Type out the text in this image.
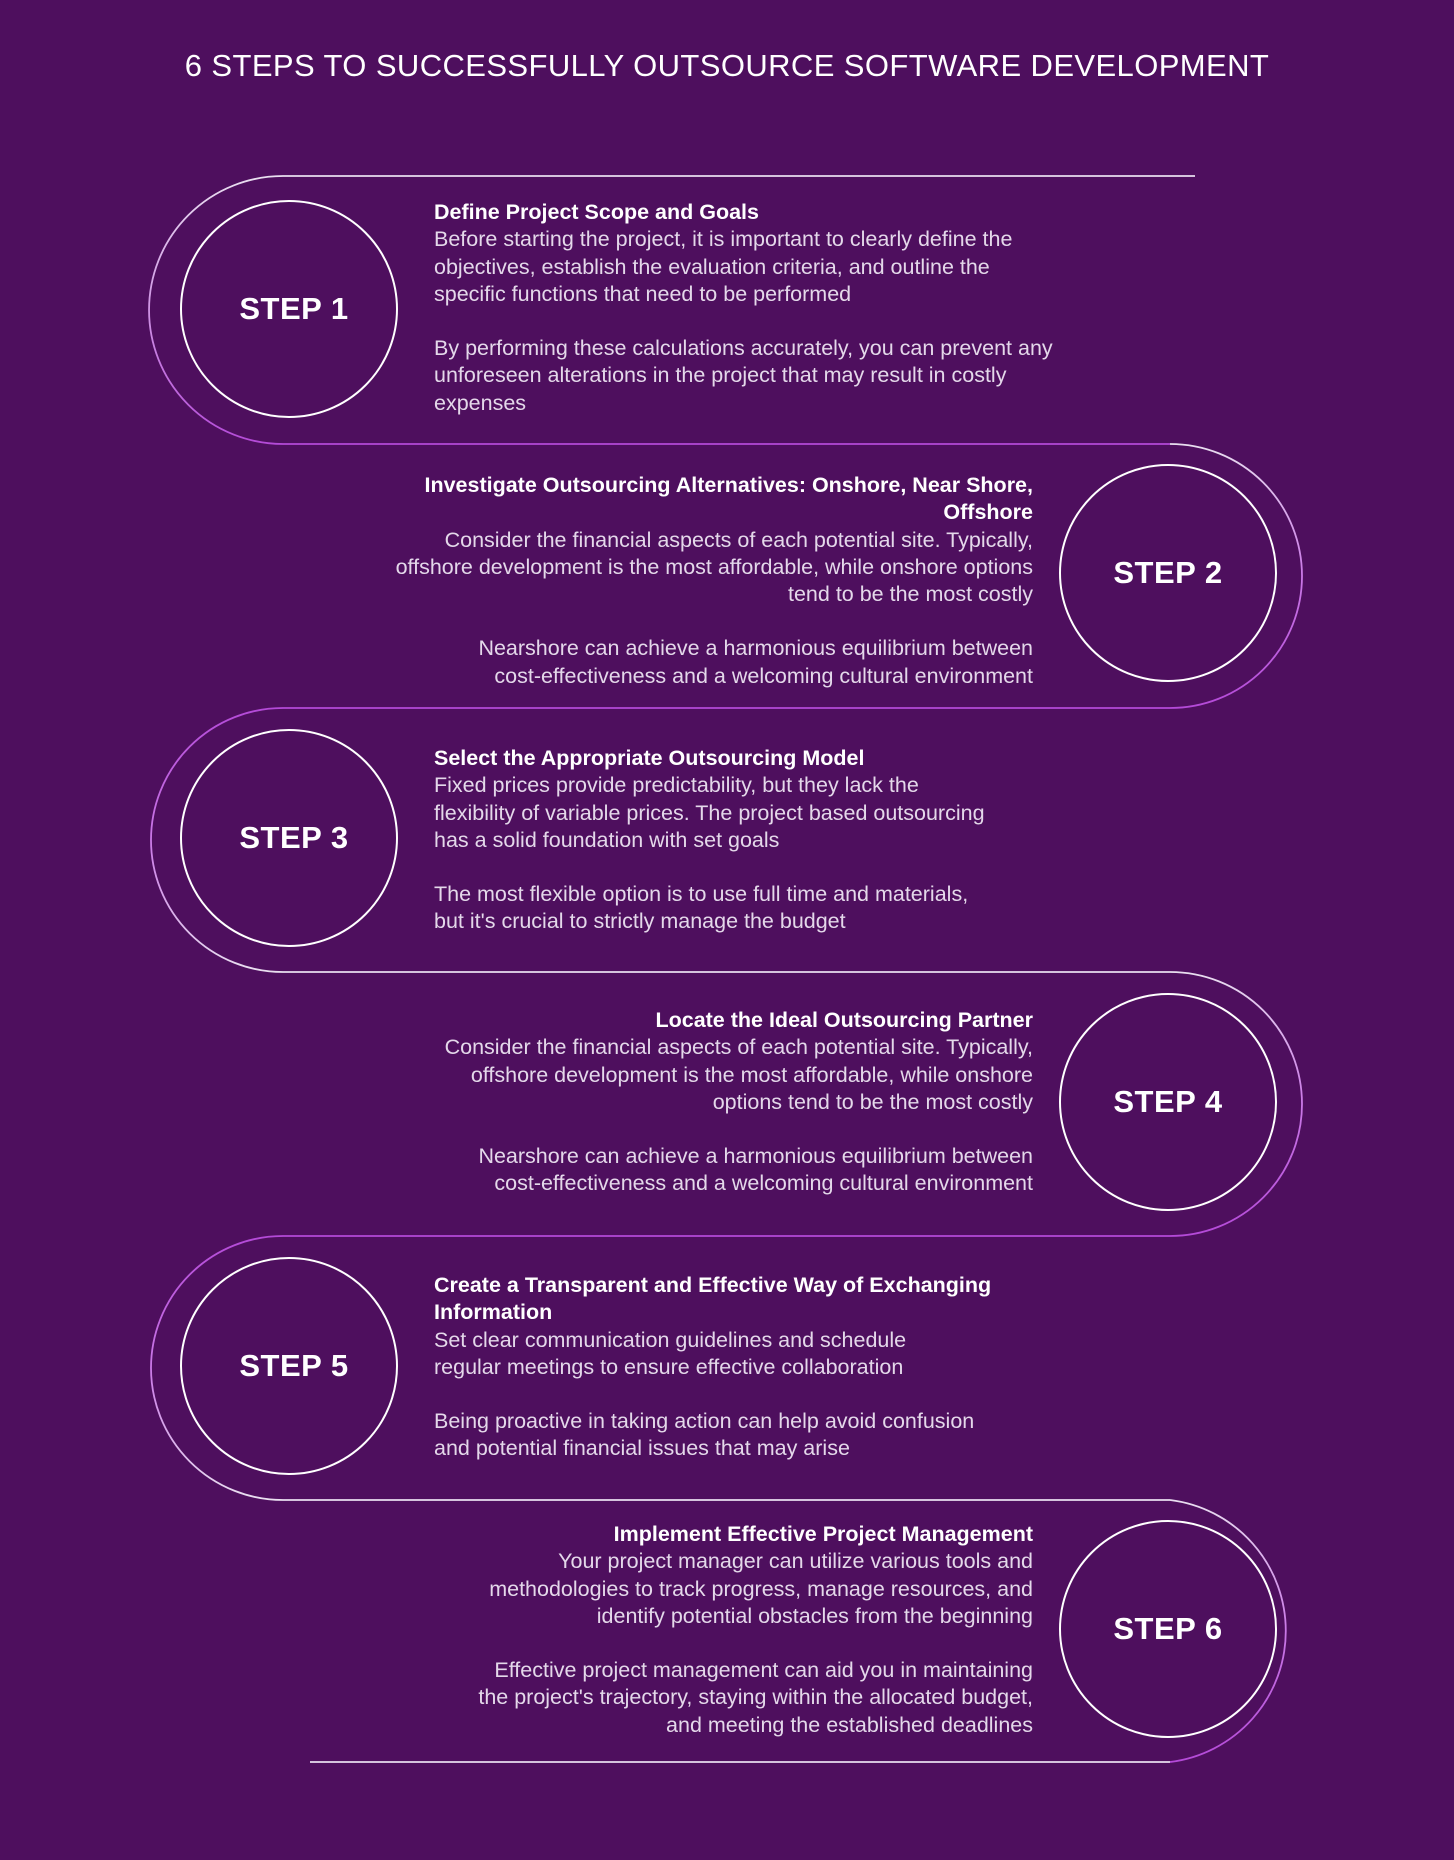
6 STEPS TO SUCCESSFULLY OUTSOURCE SOFTWARE DEVELOPMENT
STEP 1
STEP 2
STEP 3
STEP 4
STEP 5
STEP 6
Define Project Scope and Goals
Before starting the project, it is important to clearly define the
objectives, establish the evaluation criteria, and outline the
specific functions that need to be performed
By performing these calculations accurately, you can prevent any
unforeseen alterations in the project that may result in costly
expenses
Investigate Outsourcing Alternatives: Onshore, Near Shore,
Offshore
Consider the financial aspects of each potential site. Typically,
offshore development is the most affordable, while onshore options
tend to be the most costly
Nearshore can achieve a harmonious equilibrium between
cost-effectiveness and a welcoming cultural environment
Select the Appropriate Outsourcing Model
Fixed prices provide predictability, but they lack the
flexibility of variable prices. The project based outsourcing
has a solid foundation with set goals
The most flexible option is to use full time and materials,
but it's crucial to strictly manage the budget
Locate the Ideal Outsourcing Partner
Consider the financial aspects of each potential site. Typically,
offshore development is the most affordable, while onshore
options tend to be the most costly
Nearshore can achieve a harmonious equilibrium between
cost-effectiveness and a welcoming cultural environment
Create a Transparent and Effective Way of Exchanging
Information
Set clear communication guidelines and schedule
regular meetings to ensure effective collaboration
Being proactive in taking action can help avoid confusion
and potential financial issues that may arise
Implement Effective Project Management
Your project manager can utilize various tools and
methodologies to track progress, manage resources, and
identify potential obstacles from the beginning
Effective project management can aid you in maintaining
the project's trajectory, staying within the allocated budget,
and meeting the established deadlines
